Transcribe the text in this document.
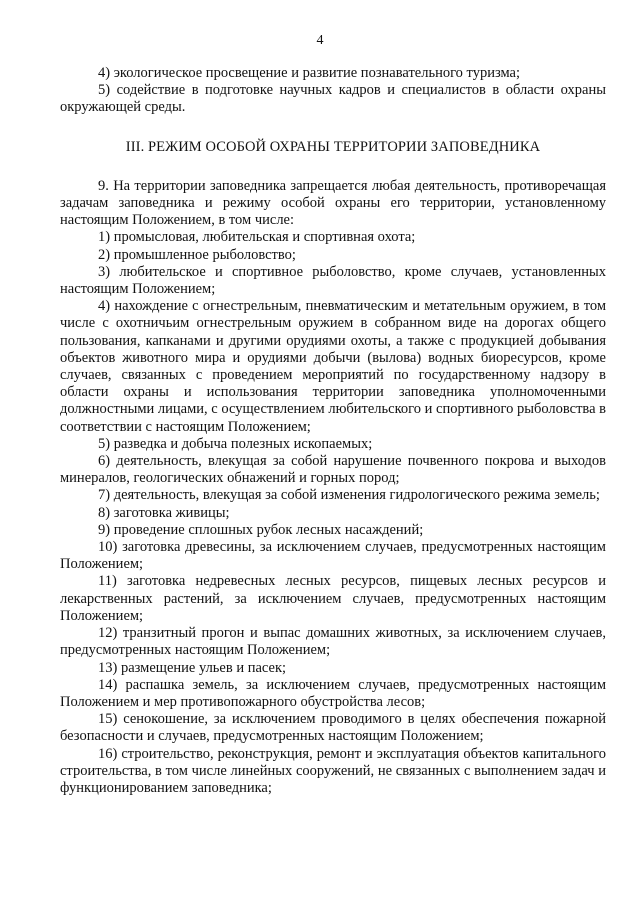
4

4) экологическое просвещение и развитие познавательного туризма;

5) содействие в подготовке научных кадров и специалистов в области охраны окружающей среды.

III. РЕЖИМ ОСОБОЙ ОХРАНЫ ТЕРРИТОРИИ ЗАПОВЕДНИКА

9. На территории заповедника запрещается любая деятельность, противоречащая задачам заповедника и режиму особой охраны его территории, установленному настоящим Положением, в том числе:

1) промысловая, любительская и спортивная охота;

2) промышленное рыболовство;

3) любительское и спортивное рыболовство, кроме случаев, установленных настоящим Положением;

4) нахождение с огнестрельным, пневматическим и метательным оружием, в том числе с охотничьим огнестрельным оружием в собранном виде на дорогах общего пользования, капканами и другими орудиями охоты, а также с продукцией добывания объектов животного мира и орудиями добычи (вылова) водных биоресурсов, кроме случаев, связанных с проведением мероприятий по государственному надзору в области охраны и использования территории заповедника уполномоченными должностными лицами, с осуществлением любительского и спортивного рыболовства в соответствии с настоящим Положением;

5) разведка и добыча полезных ископаемых;

6) деятельность, влекущая за собой нарушение почвенного покрова и выходов минералов, геологических обнажений и горных пород;

7) деятельность, влекущая за собой изменения гидрологического режима земель;

8) заготовка живицы;

9) проведение сплошных рубок лесных насаждений;

10) заготовка древесины, за исключением случаев, предусмотренных настоящим Положением;

11) заготовка недревесных лесных ресурсов, пищевых лесных ресурсов и лекарственных растений, за исключением случаев, предусмотренных настоящим Положением;

12) транзитный прогон и выпас домашних животных, за исключением случаев, предусмотренных настоящим Положением;

13) размещение ульев и пасек;

14) распашка земель, за исключением случаев, предусмотренных настоящим Положением и мер противопожарного обустройства лесов;

15) сенокошение, за исключением проводимого в целях обеспечения пожарной безопасности и случаев, предусмотренных настоящим Положением;

16) строительство, реконструкция, ремонт и эксплуатация объектов капитального строительства, в том числе линейных сооружений, не связанных с выполнением задач и функционированием заповедника;
